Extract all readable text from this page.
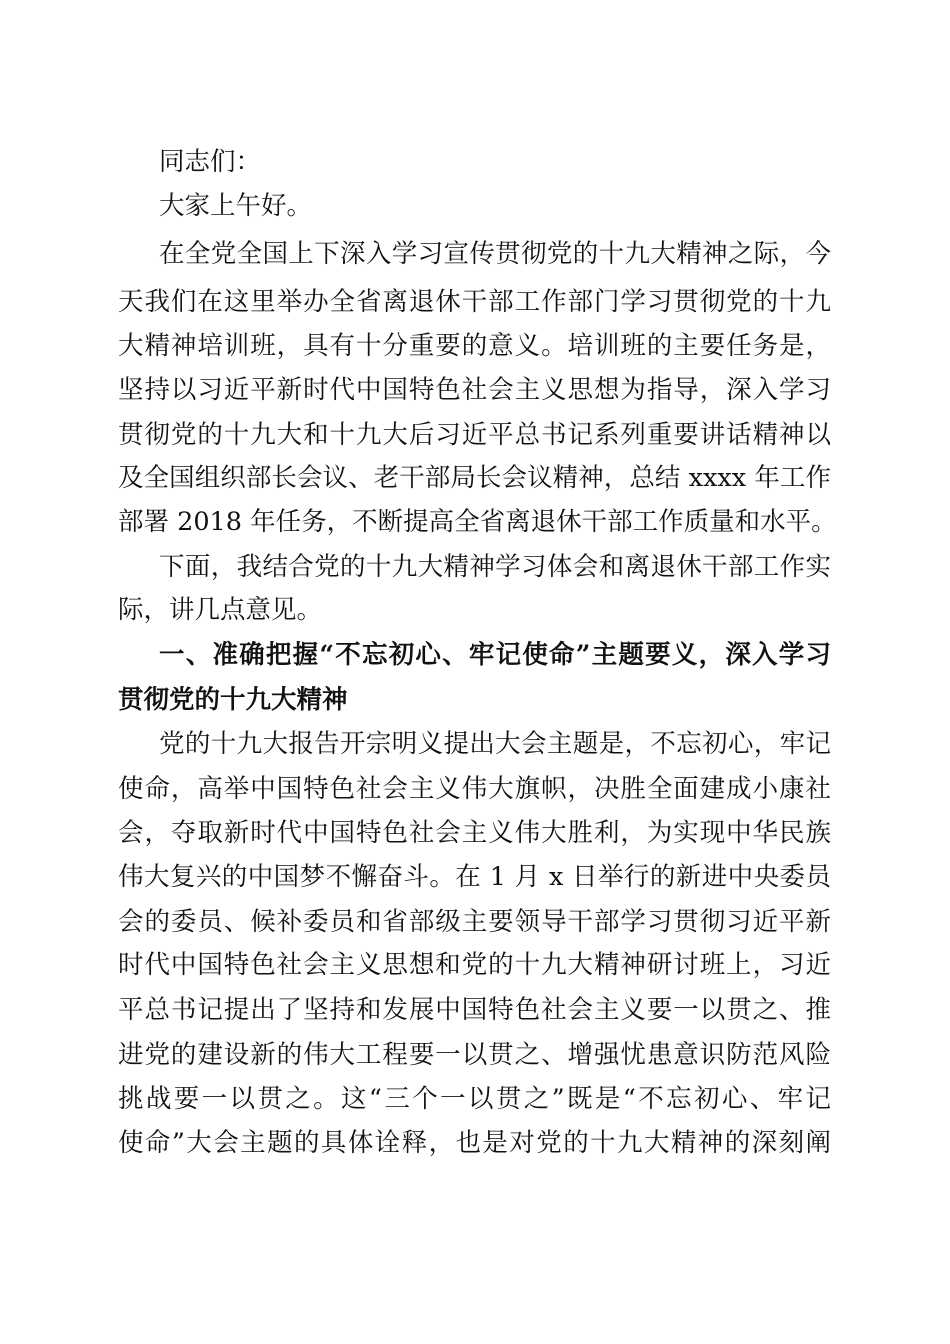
同志们：
大家上午好。
在全党全国上下深入学习宣传贯彻党的十九大精神之际，今
天我们在这里举办全省离退休干部工作部门学习贯彻党的十九
大精神培训班，具有十分重要的意义。培训班的主要任务是，
坚持以习近平新时代中国特色社会主义思想为指导，深入学习
贯彻党的十九大和十九大后习近平总书记系列重要讲话精神以
及全国组织部长会议、老干部局长会议精神，总结 xxxx 年工作
部署 2018 年任务，不断提高全省离退休干部工作质量和水平。
下面，我结合党的十九大精神学习体会和离退休干部工作实
际，讲几点意见。
一、准确把握“不忘初心、牢记使命”主题要义，深入学习
贯彻党的十九大精神
党的十九大报告开宗明义提出大会主题是，不忘初心，牢记
使命，高举中国特色社会主义伟大旗帜，决胜全面建成小康社
会，夺取新时代中国特色社会主义伟大胜利，为实现中华民族
伟大复兴的中国梦不懈奋斗。在 1 月 x 日举行的新进中央委员
会的委员、候补委员和省部级主要领导干部学习贯彻习近平新
时代中国特色社会主义思想和党的十九大精神研讨班上，习近
平总书记提出了坚持和发展中国特色社会主义要一以贯之、推
进党的建设新的伟大工程要一以贯之、增强忧患意识防范风险
挑战要一以贯之。这“三个一以贯之”既是“不忘初心、牢记
使命”大会主题的具体诠释，也是对党的十九大精神的深刻阐
